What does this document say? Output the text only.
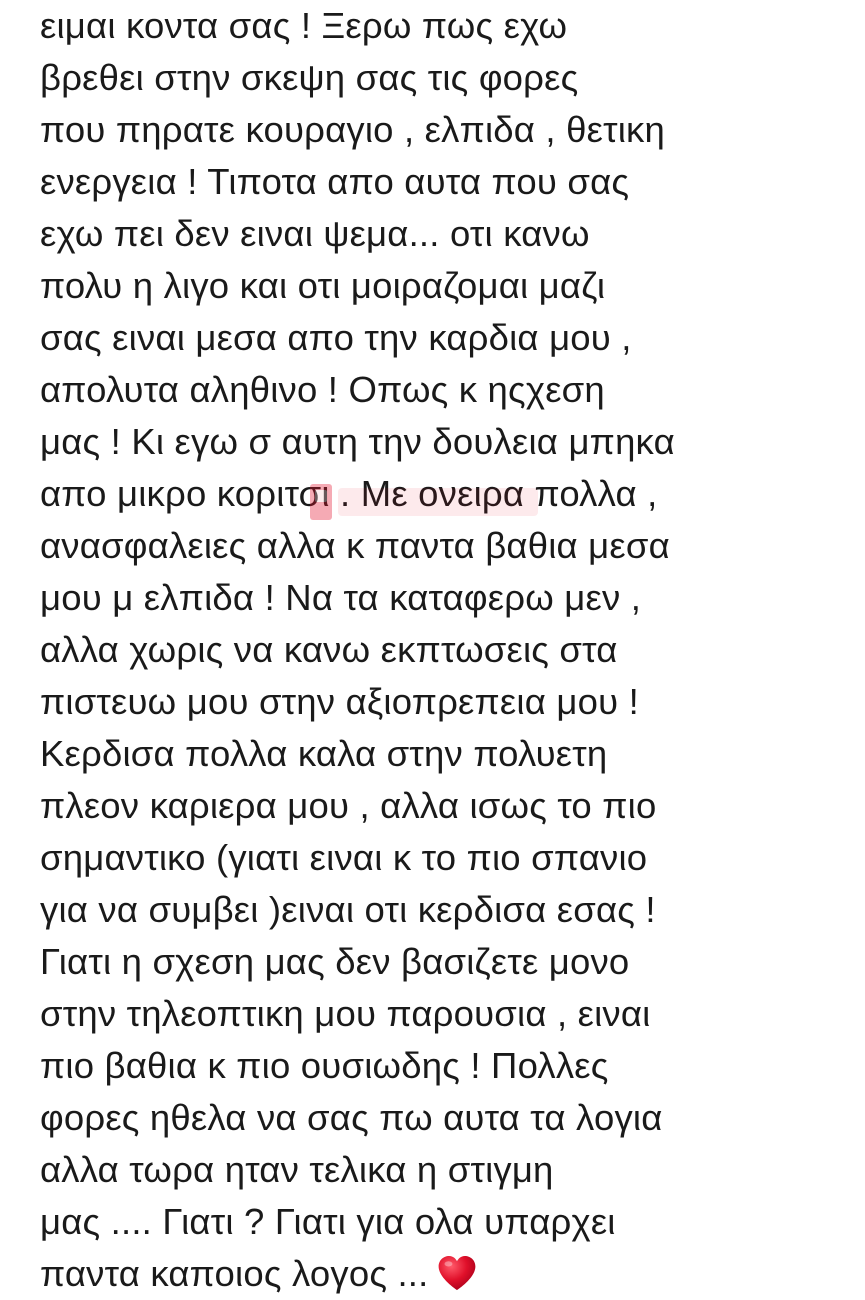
ειμαι κοντα σας ! Ξερω πως εχω
βρεθει στην σκεψη σας τις φορες
που πηρατε κουραγιο , ελπιδα , θετικη
ενεργεια ! Τιποτα απο αυτα που σας
εχω πει δεν ειναι ψεμα... οτι κανω
πολυ η λιγο και οτι μοιραζομαι μαζι
σας ειναι μεσα απο την καρδια μου ,
απολυτα αληθινο ! Οπως κ ηςχεση
μας ! Κι εγω σ αυτη την δουλεια μπηκα
απο μικρο κοριτσι . Με ονειρα πολλα ,
ανασφαλειες αλλα κ παντα βαθια μεσα
μου μ ελπιδα ! Να τα καταφερω μεν ,
αλλα χωρις να κανω εκπτωσεις στα
πιστευω μου στην αξιοπρεπεια μου !
Κερδισα πολλα καλα στην πολυετη
πλεον καριερα μου , αλλα ισως το πιο
σημαντικο (γιατι ειναι κ το πιο σπανιο
για να συμβει )ειναι οτι κερδισα εσας !
Γιατι η σχεση μας δεν βασιζετε μονο
στην τηλεοπτικη μου παρουσια , ειναι
πιο βαθια κ πιο ουσιωδης ! Πολλες
φορες ηθελα να σας πω αυτα τα λογια
αλλα τωρα ηταν τελικα η στιγμη
μας .... Γιατι ? Γιατι για ολα υπαρχει
παντα καποιος λογος ...
